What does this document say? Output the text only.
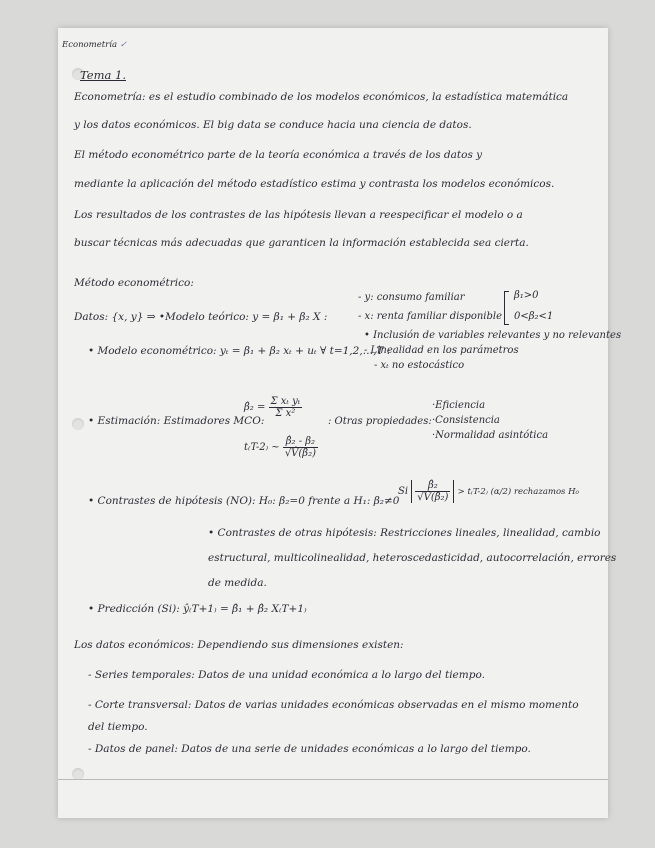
Econometría ✓
Tema 1.
Econometría: es el estudio combinado de los modelos económicos, la estadística matemática
y los datos económicos. El big data se conduce hacia una ciencia de datos.
El método econométrico parte de la teoría económica a través de los datos y
mediante la aplicación del método estadístico estima y contrasta los modelos económicos.
Los resultados de los contrastes de las hipótesis llevan a reespecificar el modelo o a
buscar técnicas más adecuadas que garanticen la información establecida sea cierta.
Método econométrico:
Datos: {x, y} ⇒ •Modelo teórico: y = β₁ + β₂ X :
- y: consumo familiar
- x: renta familiar disponible
β₁>0
0<β₂<1
• Modelo econométrico: yₜ = β₁ + β₂ xₜ + uₜ ∀ t=1,2,…,T :
• Inclusión de variables relevantes y no relevantes
- Linealidad en los parámetros
- xₜ no estocástico
• Estimación: Estimadores MCO:
β̂₂ = $\frac{\text{Σ xₜ yₜ}}{\text{Σ x²}}$
t₍T-2₎ ~ $\frac{\text{β̂₂ - β₂}}{\text{√V̂(β̂₂)}}$
: Otras propiedades:
·Eficiencia
·Consistencia
·Normalidad asintótica
• Contrastes de hipótesis (NO): H₀: β₂=0 frente a H₁: β₂≠0
Si $\frac{\text{β̂₂}}{\text{√V̂(β̂₂)}} > t_(T-2_)$ (α/2) rechazamos H₀
• Contrastes de otras hipótesis: Restricciones lineales, linealidad, cambio
estructural, multicolinealidad, heteroscedasticidad, autocorrelación, errores
de medida.
• Predicción (Si): ŷ₍T+1₎ = β̂₁ + β̂₂ X₍T+1₎
Los datos económicos: Dependiendo sus dimensiones existen:
- Series temporales: Datos de una unidad económica a lo largo del tiempo.
- Corte transversal: Datos de varias unidades económicas observadas en el mismo momento
del tiempo.
- Datos de panel: Datos de una serie de unidades económicas a lo largo del tiempo.
